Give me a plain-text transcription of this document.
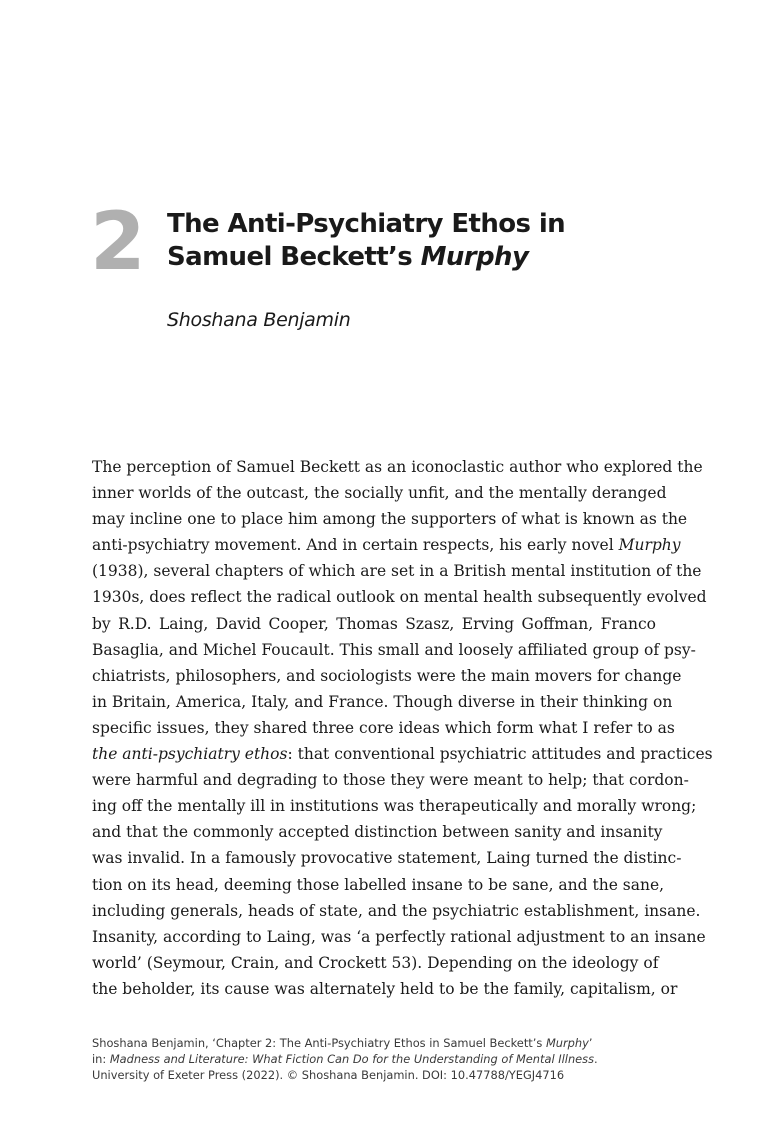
2 The Anti-Psychiatry Ethos in
Samuel Beckett’s Murphy
Shoshana Benjamin
The perception of Samuel Beckett as an iconoclastic author who explored the
inner worlds of the outcast, the socially unfit, and the mentally deranged
may incline one to place him among the supporters of what is known as the
anti-psychiatry movement. And in certain respects, his early novel Murphy
(1938), several chapters of which are set in a British mental institution of the
1930s, does reflect the radical outlook on mental health subsequently evolved
by R.D. Laing, David Cooper, Thomas Szasz, Erving Goffman, Franco
Basaglia, and Michel Foucault. This small and loosely affiliated group of psy-
chiatrists, philosophers, and sociologists were the main movers for change
in Britain, America, Italy, and France. Though diverse in their thinking on
specific issues, they shared three core ideas which form what I refer to as
the anti-psychiatry ethos: that conventional psychiatric attitudes and practices
were harmful and degrading to those they were meant to help; that cordon-
ing off the mentally ill in institutions was therapeutically and morally wrong;
and that the commonly accepted distinction between sanity and insanity
was invalid. In a famously provocative statement, Laing turned the distinc-
tion on its head, deeming those labelled insane to be sane, and the sane,
including generals, heads of state, and the psychiatric establishment, insane.
Insanity, according to Laing, was ‘a perfectly rational adjustment to an insane
world’ (Seymour, Crain, and Crockett 53). Depending on the ideology of
the beholder, its cause was alternately held to be the family, capitalism, or
Shoshana Benjamin, ‘Chapter 2: The Anti-Psychiatry Ethos in Samuel Beckett’s Murphy’
in: Madness and Literature: What Fiction Can Do for the Understanding of Mental Illness.
University of Exeter Press (2022). © Shoshana Benjamin. DOI: 10.47788/YEGJ4716
